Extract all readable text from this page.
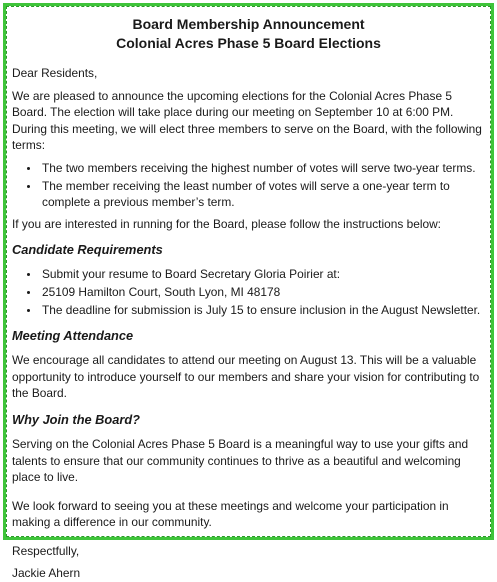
Board Membership Announcement

Colonial Acres Phase 5 Board Elections

Dear Residents,

We are pleased to announce the upcoming elections for the Colonial Acres Phase 5 Board. The election will take place during our meeting on September 10 at 6:00 PM. During this meeting, we will elect three members to serve on the Board, with the following terms:

• The two members receiving the highest number of votes will serve two-year terms.
• The member receiving the least number of votes will serve a one-year term to complete a previous member’s term.

If you are interested in running for the Board, please follow the instructions below:

Candidate Requirements
• Submit your resume to Board Secretary Gloria Poirier at:
• 25109 Hamilton Court, South Lyon, MI 48178
• The deadline for submission is July 15 to ensure inclusion in the August Newsletter.
Meeting Attendance

We encourage all candidates to attend our meeting on August 13. This will be a valuable opportunity to introduce yourself to our members and share your vision for contributing to the Board.

Why Join the Board?

Serving on the Colonial Acres Phase 5 Board is a meaningful way to use your gifts and talents to ensure that our community continues to thrive as a beautiful and welcoming place to live.

We look forward to seeing you at these meetings and welcome your participation in making a difference in our community.

Respectfully,

Jackie Ahern
